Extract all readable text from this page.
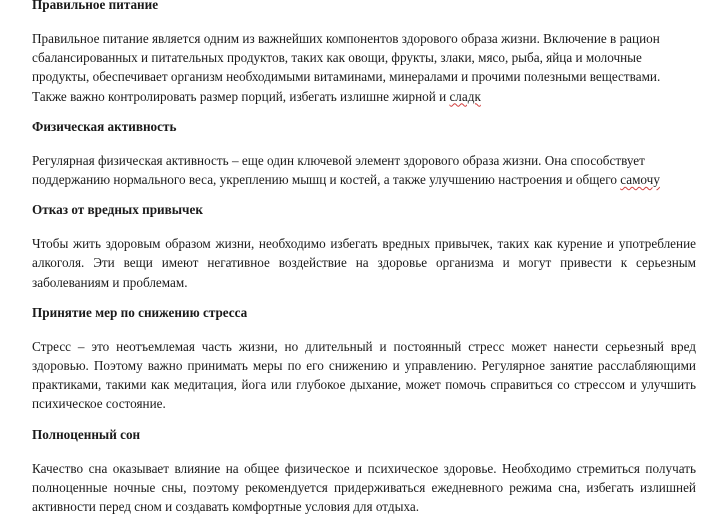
Правильное питание

Правильное питание является одним из важнейших компонентов здорового образа жизни. Включение в рацион сбалансированных и питательных продуктов, таких как овощи, фрукты, злаки, мясо, рыба, яйца и молочные продукты, обеспечивает организм необходимыми витаминами, минералами и прочими полезными веществами. Также важно контролировать размер порций, избегать излишне жирной и сладк

Физическая активность

Регулярная физическая активность – еще один ключевой элемент здорового образа жизни. Она способствует поддержанию нормального веса, укреплению мышц и костей, а также улучшению настроения и общего самочу

Отказ от вредных привычек

Чтобы жить здоровым образом жизни, необходимо избегать вредных привычек, таких как курение и употребление алкоголя. Эти вещи имеют негативное воздействие на здоровье организма и могут привести к серьезным заболеваниям и проблемам.

Принятие мер по снижению стресса

Стресс – это неотъемлемая часть жизни, но длительный и постоянный стресс может нанести серьезный вред здоровью. Поэтому важно принимать меры по его снижению и управлению. Регулярное занятие расслабляющими практиками, такими как медитация, йога или глубокое дыхание, может помочь справиться со стрессом и улучшить психическое состояние.

Полноценный сон

Качество сна оказывает влияние на общее физическое и психическое здоровье. Необходимо стремиться получать полноценные ночные сны, поэтому рекомендуется придерживаться ежедневного режима сна, избегать излишней активности перед сном и создавать комфортные условия для отдыха.
